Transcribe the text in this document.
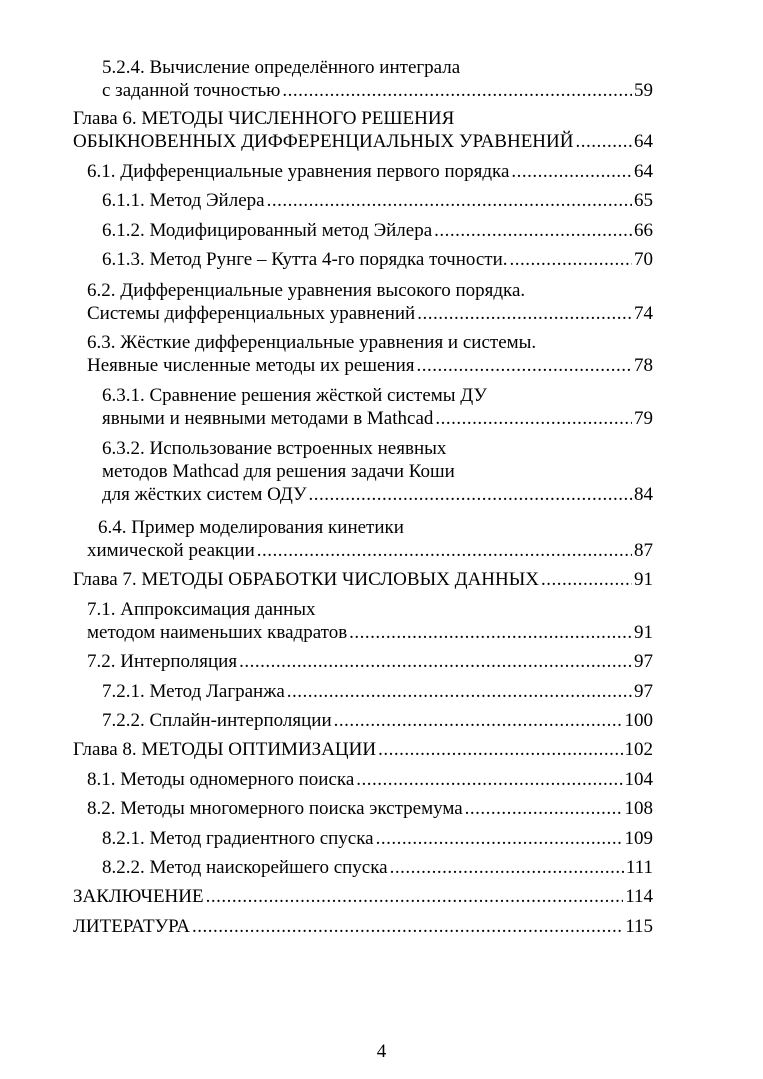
5.2.4. Вычисление определённого интеграла
с заданной точностью .....	59
Глава 6. МЕТОДЫ ЧИСЛЕННОГО РЕШЕНИЯ
ОБЫКНОВЕННЫХ ДИФФЕРЕНЦИАЛЬНЫХ УРАВНЕНИЙ .....	64
6.1. Дифференциальные уравнения первого порядка .....	64
6.1.1. Метод Эйлера .....	65
6.1.2. Модифицированный метод Эйлера .....	66
6.1.3. Метод Рунге – Кутта 4-го порядка точности. .....	70
6.2. Дифференциальные уравнения высокого порядка.
Системы дифференциальных уравнений .....	74
6.3. Жёсткие дифференциальные уравнения и системы.
Неявные численные методы их решения .....	78
6.3.1. Сравнение решения жёсткой системы ДУ
явными и неявными методами в Mathcad .....	79
6.3.2. Использование встроенных неявных
методов Mathcad для решения задачи Коши
для жёстких систем ОДУ .....	84
6.4. Пример моделирования кинетики
химической реакции .....	87
Глава 7. МЕТОДЫ ОБРАБОТКИ ЧИСЛОВЫХ ДАННЫХ .....	91
7.1. Аппроксимация данных
методом наименьших квадратов .....	91
7.2. Интерполяция .....	97
7.2.1. Метод Лагранжа .....	97
7.2.2. Сплайн-интерполяции .....	100
Глава 8. МЕТОДЫ ОПТИМИЗАЦИИ .....	102
8.1. Методы одномерного поиска .....	104
8.2. Методы многомерного поиска экстремума .....	108
8.2.1. Метод градиентного спуска .....	109
8.2.2. Метод наискорейшего спуска .....	111
ЗАКЛЮЧЕНИЕ .....	114
ЛИТЕРАТУРА .....	115
4
